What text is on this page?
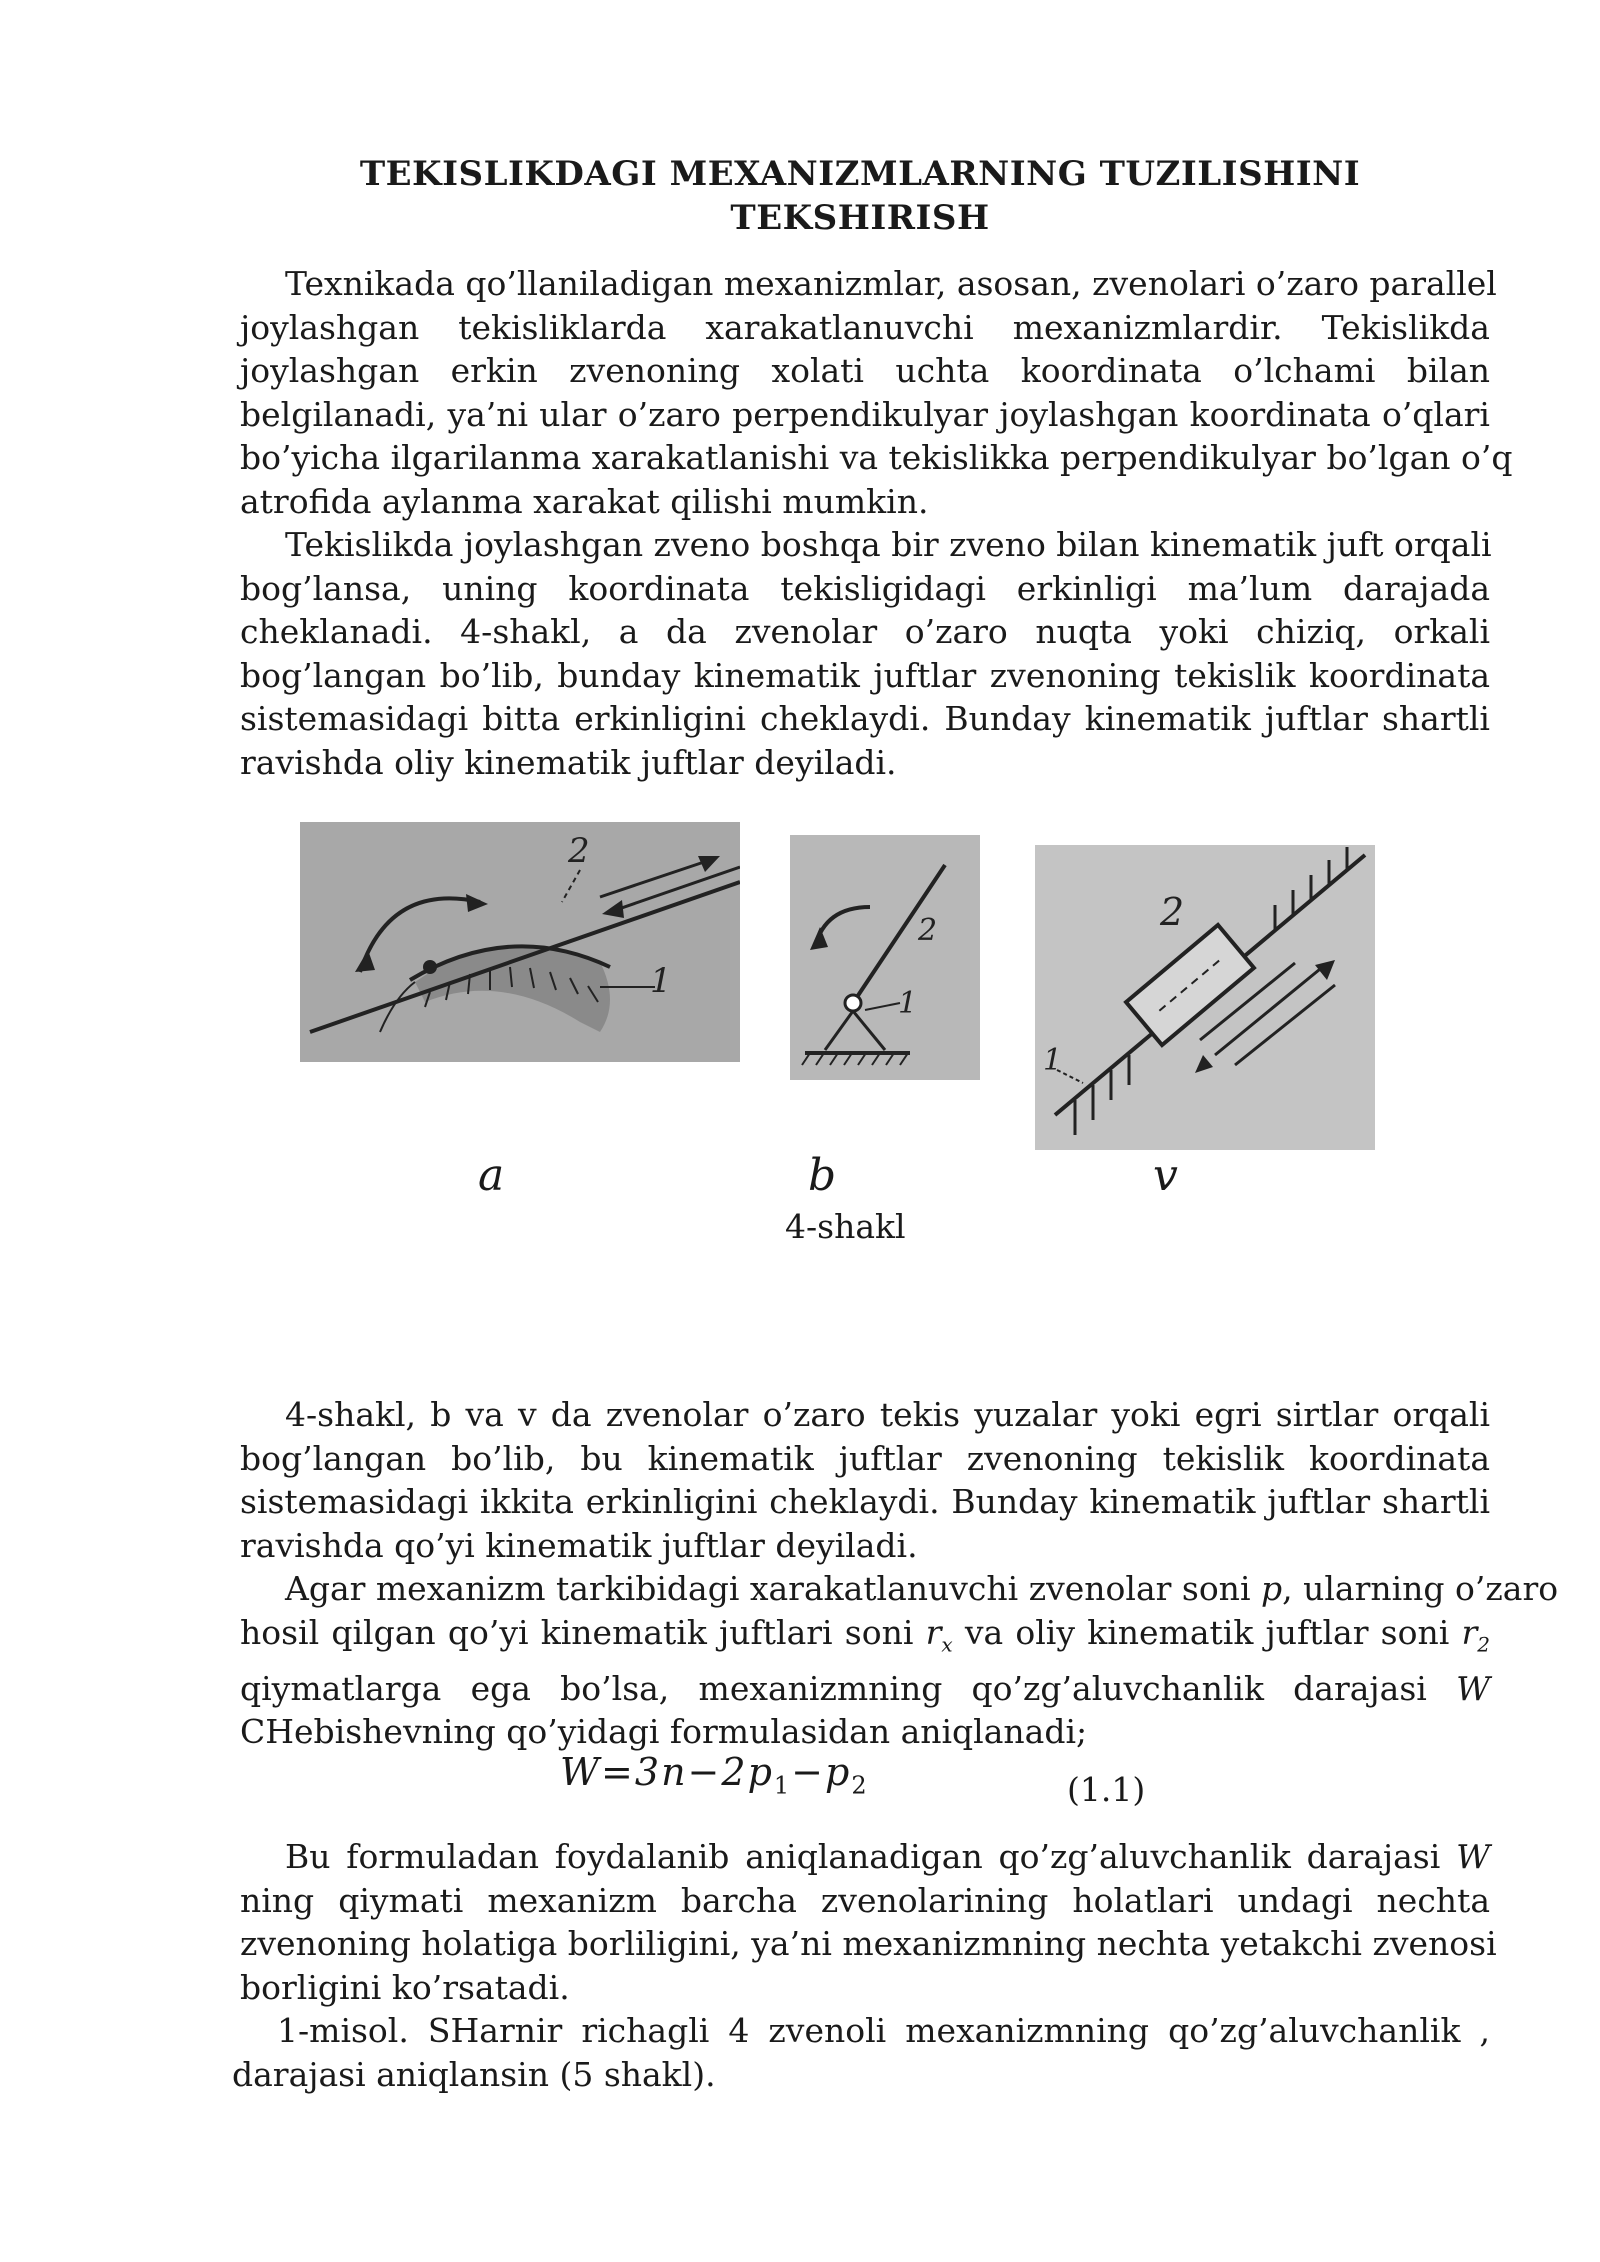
TEKISLIKDAGI MEXANIZMLARNING TUZILISHINI
TEKSHIRISH
Texnikada qo’llaniladigan mexanizmlar, asosan, zvenolari o’zaro parallel
joylashgan tekisliklarda xarakatlanuvchi mexanizmlardir. Tekislikda
joylashgan erkin zvenoning xolati uchta koordinata o’lchami bilan
belgilanadi, ya’ni ular o’zaro perpendikulyar joylashgan koordinata o’qlari
bo’yicha ilgarilanma xarakatlanishi va tekislikka perpendikulyar bo’lgan o’q
atrofida aylanma xarakat qilishi mumkin.
Tekislikda joylashgan zveno boshqa bir zveno bilan kinematik juft orqali
bog’lansa, uning koordinata tekisligidagi erkinligi ma’lum darajada
cheklanadi. 4-shakl, a da zvenolar o’zaro nuqta yoki chiziq, orkali
bog’langan bo’lib, bunday kinematik juftlar zvenoning tekislik koordinata
sistemasidagi bitta erkinligini cheklaydi. Bunday kinematik juftlar shartli
ravishda oliy kinematik juftlar deyiladi.
2
1
2
1
2
1
a	b	v
4-shakl
4-shakl, b va v da zvenolar o’zaro tekis yuzalar yoki egri sirtlar orqali
bog’langan bo’lib, bu kinematik juftlar zvenoning tekislik koordinata
sistemasidagi ikkita erkinligini cheklaydi. Bunday kinematik juftlar shartli
ravishda qo’yi kinematik juftlar deyiladi.
Agar mexanizm tarkibidagi xarakatlanuvchi zvenolar soni p, ularning o’zaro
hosil qilgan qo’yi kinematik juftlari soni $r_x$ va oliy kinematik juftlar soni $r_2$
qiymatlarga ega bo’lsa, mexanizmning qo’zg’aluvchanlik darajasi W
CHebishevning qo’yidagi formulasidan aniqlanadi;
$W=3n-2p_1-p_2$	(1.1)
Bu formuladan foydalanib aniqlanadigan qo’zg’aluvchanlik darajasi W
ning qiymati mexanizm barcha zvenolarining holatlari undagi nechta
zvenoning holatiga borliligini, ya’ni mexanizmning nechta yetakchi zvenosi
borligini ko’rsatadi.
1-misol. SHarnir richagli 4 zvenoli mexanizmning qo’zg’aluvchanlik ,
darajasi aniqlansin (5 shakl).
